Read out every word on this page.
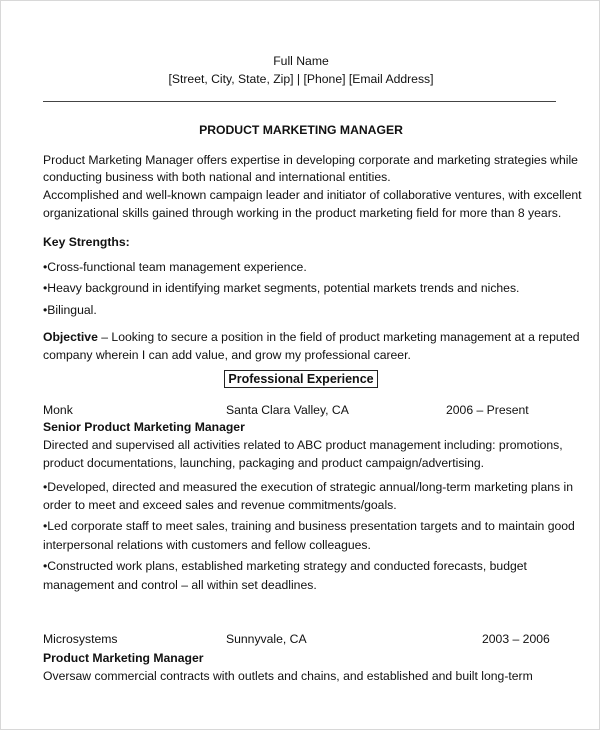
Full Name
[Street, City, State, Zip] | [Phone] [Email Address]
PRODUCT MARKETING MANAGER
Product Marketing Manager offers expertise in developing corporate and marketing strategies while
conducting business with both national and international entities.
Accomplished and well-known campaign leader and initiator of collaborative ventures, with excellent
organizational skills gained through working in the product marketing field for more than 8 years.
Key Strengths:
•Cross-functional team management experience.
•Heavy background in identifying market segments, potential markets trends and niches.
•Bilingual.
Objective – Looking to secure a position in the field of product marketing management at a reputed
company wherein I can add value, and grow my professional career.
Professional Experience
Monk	Santa Clara Valley, CA	2006 – Present
Senior Product Marketing Manager
Directed and supervised all activities related to ABC product management including: promotions,
product documentations, launching, packaging and product campaign/advertising.
•Developed, directed and measured the execution of strategic annual/long-term marketing plans in
order to meet and exceed sales and revenue commitments/goals.
•Led corporate staff to meet sales, training and business presentation targets and to maintain good
interpersonal relations with customers and fellow colleagues.
•Constructed work plans, established marketing strategy and conducted forecasts, budget
management and control – all within set deadlines.
Microsystems	Sunnyvale, CA	2003 – 2006
Product Marketing Manager
Oversaw commercial contracts with outlets and chains, and established and built long-term
